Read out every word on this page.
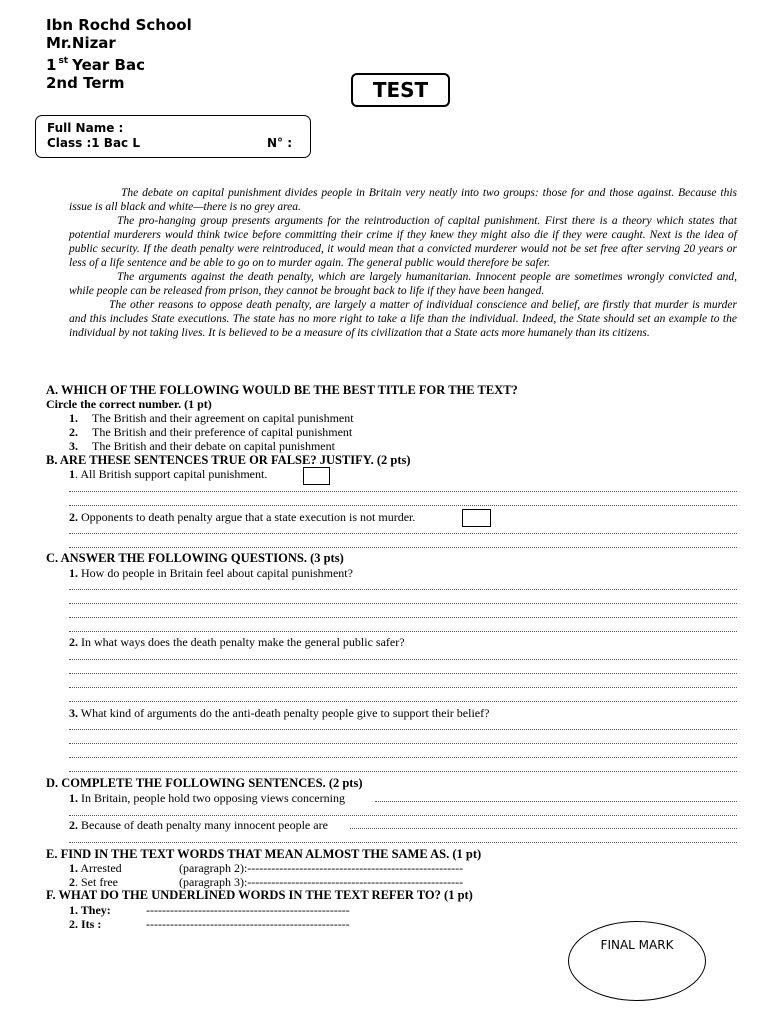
Ibn Rochd School
Mr.Nizar
1 $^{st}$ Year Bac
2nd Term	TEST
Full Name :
Class :1 Bac L	N° :

The debate on capital punishment divides people in Britain very neatly into two groups: those for and those against. Because this issue is all black and white—there is no grey area.

The pro-hanging group presents arguments for the reintroduction of capital punishment. First there is a theory which states that potential murderers would think twice before committing their crime if they knew they might also die if they were caught. Next is the idea of public security. If the death penalty were reintroduced, it would mean that a convicted murderer would not be set free after serving 20 years or less of a life sentence and be able to go on to murder again. The general public would therefore be safer.

The arguments against the death penalty, which are largely humanitarian. Innocent people are sometimes wrongly convicted and, while people can be released from prison, they cannot be brought back to life if they have been hanged.

The other reasons to oppose death penalty, are largely a matter of individual conscience and belief, are firstly that murder is murder and this includes State executions. The state has no more right to take a life than the individual. Indeed, the State should set an example to the individual by not taking lives. It is believed to be a measure of its civilization that a State acts more humanely than its citizens.

A. WHICH OF THE FOLLOWING WOULD BE THE BEST TITLE FOR THE TEXT?
Circle the correct number. (1 pt)
1. The British and their agreement on capital punishment
2. The British and their preference of capital punishment
3. The British and their debate on capital punishment
B. ARE THESE SENTENCES TRUE OR FALSE? JUSTIFY. (2 pts)
1. All British support capital punishment.
2. Opponents to death penalty argue that a state execution is not murder.
C. ANSWER THE FOLLOWING QUESTIONS. (3 pts)
1. How do people in Britain feel about capital punishment?
2. In what ways does the death penalty make the general public safer?
3. What kind of arguments do the anti-death penalty people give to support their belief?
D. COMPLETE THE FOLLOWING SENTENCES. (2 pts)
1. In Britain, people hold two opposing views concerning
2. Because of death penalty many innocent people are
E. FIND IN THE TEXT WORDS THAT MEAN ALMOST THE SAME AS. (1 pt)
1. Arrested	(paragraph 2):------------------------------------------------------
2. Set free	(paragraph 3):------------------------------------------------------
F. WHAT DO THE UNDERLINED WORDS IN THE TEXT REFER TO? (1 pt)
1. They:	---------------------------------------------------
2. Its :	---------------------------------------------------
FINAL MARK
